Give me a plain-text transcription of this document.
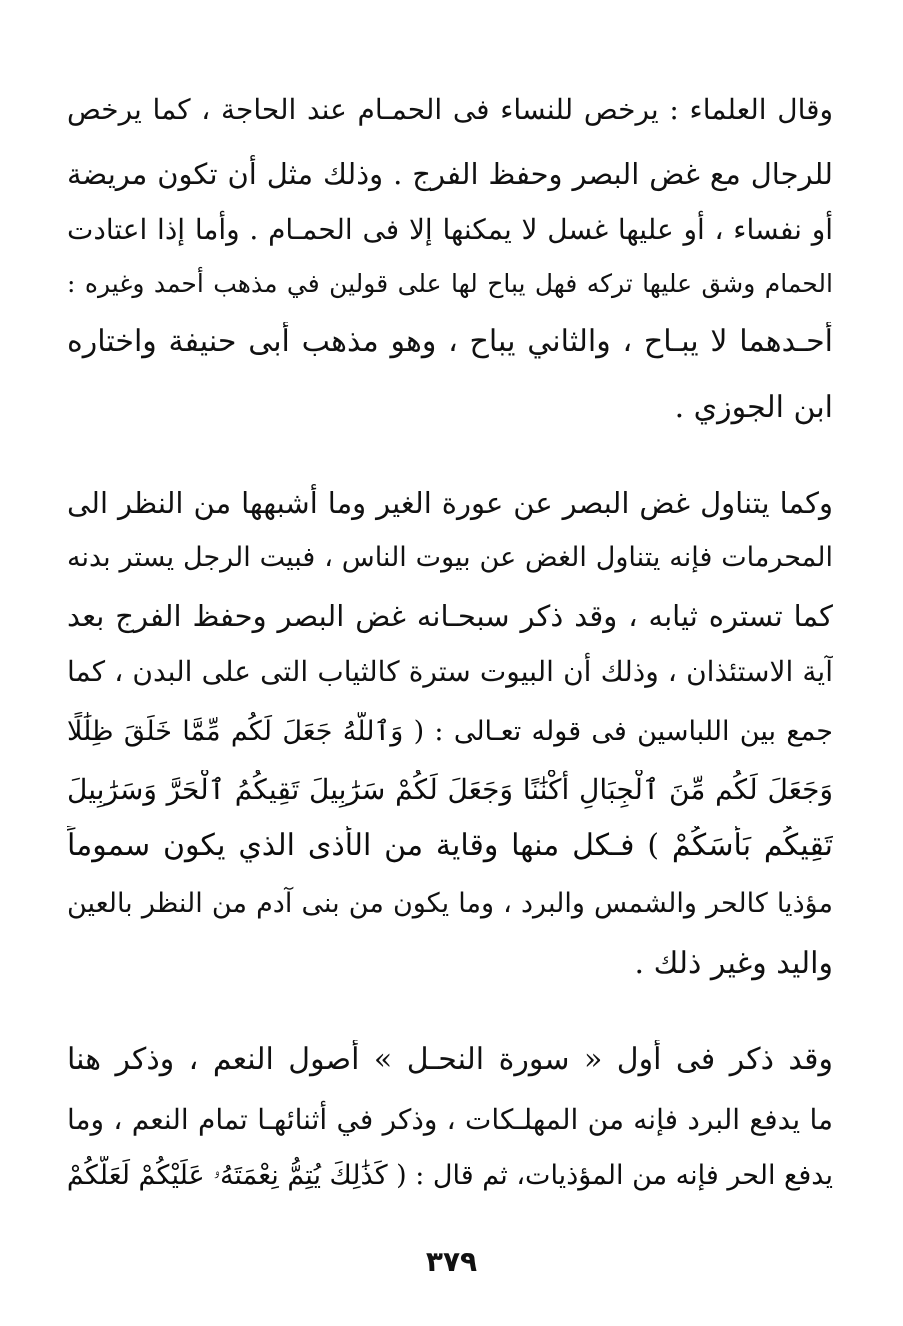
وقال العلماء : يرخص للنساء فى الحمـام عند الحاجة ، كما يرخص
للرجال مع غض البصر وحفظ الفرج . وذلك مثل أن تكون مريضة
أو نفساء ، أو عليها غسل لا يمكنها إلا فى الحمـام . وأما إذا اعتادت
الحمام وشق عليها تركه فهل يباح لها على قولين في مذهب أحمد وغيره :
أحـدهما لا يبـاح ، والثاني يباح ، وهو مذهب أبى حنيفة واختاره
ابن الجوزي .
وكما يتناول غض البصر عن عورة الغير وما أشبهها من النظر الى
المحرمات فإنه يتناول الغض عن بيوت الناس ، فبيت الرجل يستر بدنه
كما تستره ثيابه ، وقد ذكر سبحـانه غض البصر وحفظ الفرج بعد
آية الاستئذان ، وذلك أن البيوت سترة كالثياب التى على البدن ، كما
جمع بين اللباسين فى قوله تعـالى : ( وَٱللَّهُ جَعَلَ لَكُم مِّمَّا خَلَقَ ظِلَٰلًا
وَجَعَلَ لَكُم مِّنَ ٱلْجِبَالِ أَكْنَٰنًا وَجَعَلَ لَكُمْ سَرَٰبِيلَ تَقِيكُمُ ٱلْحَرَّ وَسَرَٰبِيلَ
تَقِيكُم بَأْسَكُمْ ) فـكل منها وقاية من الأذى الذي يكون سموماً
مؤذيا كالحر والشمس والبرد ، وما يكون من بنى آدم من النظر بالعين
واليد وغير ذلك .
وقد ذكر فى أول « سورة النحـل » أصول النعم ، وذكر هنا
ما يدفع البرد فإنه من المهلـكات ، وذكر في أثنائهـا تمام النعم ، وما
يدفع الحر فإنه من المؤذيات، ثم قال : ( كَذَٰلِكَ يُتِمُّ نِعْمَتَهُۥ عَلَيْكُمْ لَعَلَّكُمْ
٣٧٩
